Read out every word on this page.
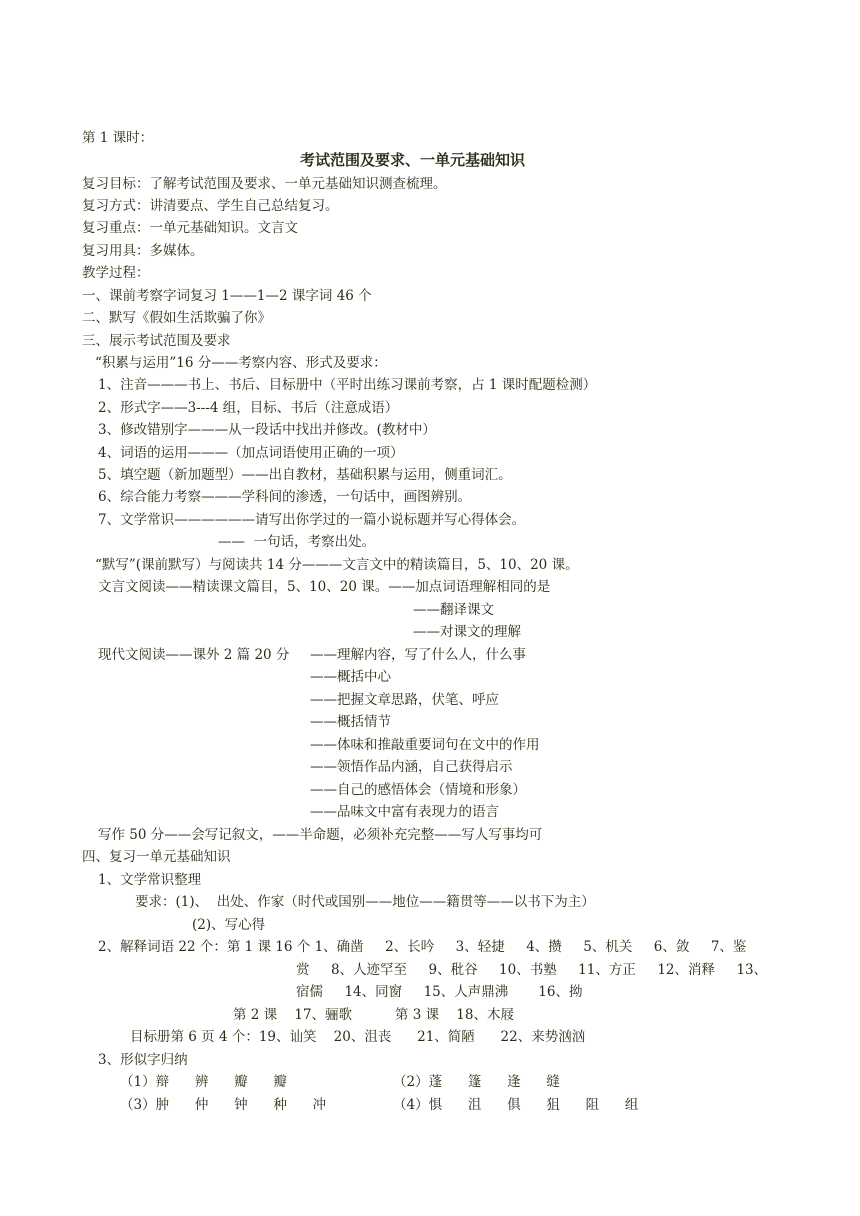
第 1 课时：
考试范围及要求、一单元基础知识
复习目标：了解考试范围及要求、一单元基础知识测查梳理。
复习方式：讲清要点、学生自己总结复习。
复习重点：一单元基础知识。文言文
复习用具：多媒体。
教学过程：
一、课前考察字词复习 1——1—2 课字词 46 个
二、默写《假如生活欺骗了你》
三、展示考试范围及要求
“积累与运用”16 分——考察内容、形式及要求：
1、注音———书上、书后、目标册中（平时出练习课前考察，占 1 课时配题检测）
2、形式字——3---4 组，目标、书后（注意成语）
3、修改错别字———从一段话中找出并修改。(教材中）
4、词语的运用———（加点词语使用正确的一项）
5、填空题（新加题型）——出自教材，基础积累与运用，侧重词汇。
6、综合能力考察———学科间的渗透，一句话中，画图辨别。
7、文学常识——————请写出你学过的一篇小说标题并写心得体会。
——  一句话，考察出处。
“默写”(课前默写）与阅读共 14 分———文言文中的精读篇目，5、10、20 课。
文言文阅读——精读课文篇目，5、10、20 课。——加点词语理解相同的是
——翻译课文
——对课文的理解
现代文阅读——课外 2 篇 20 分 ——理解内容，写了什么人，什么事
——概括中心
——把握文章思路，伏笔、呼应
——概括情节
——体味和推敲重要词句在文中的作用
——领悟作品内涵，自己获得启示
——自己的感悟体会（情境和形象）
——品味文中富有表现力的语言
写作 50 分——会写记叙文，——半命题，必须补充完整——写人写事均可
四、复习一单元基础知识
1、文学常识整理
要求：(1)、  出处、作家（时代或国别——地位——籍贯等——以书下为主）
(2)、写心得
2、解释词语 22 个：第 1 课 16 个 1、确凿     2、长吟     3、轻捷     4、攒     5、机关     6、敛     7、鉴
赏     8、人迹罕至     9、秕谷     10、书塾     11、方正     12、消释     13、
宿儒     14、同窗     15、人声鼎沸       16、拗
第 2 课    17、骊歌          第 3 课    18、木屐
目标册第 6 页 4 个：19、讪笑    20、沮丧      21、简陋      22、来势汹汹
3、形似字归纳
（1）辩      辨      瓣      瓣	（2）蓬      篷      逢      缝
（3）肿      仲      钟      种      冲	（4）惧      沮      俱      狙      阻      组
